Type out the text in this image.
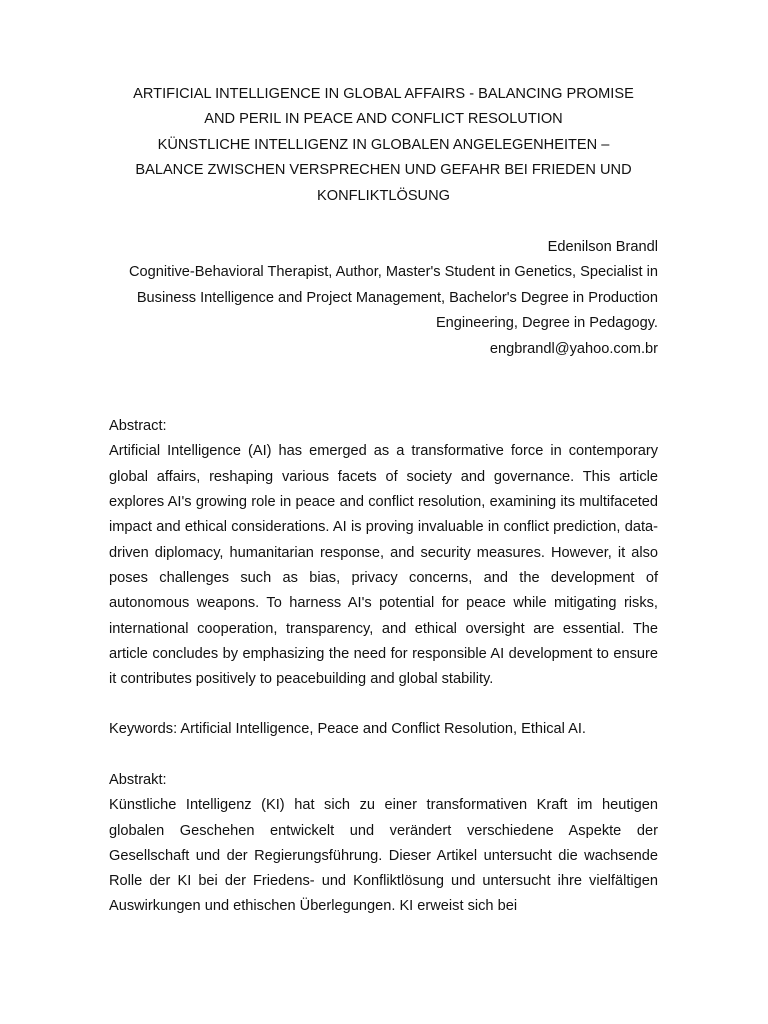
ARTIFICIAL INTELLIGENCE IN GLOBAL AFFAIRS - BALANCING PROMISE
AND PERIL IN PEACE AND CONFLICT RESOLUTION
KÜNSTLICHE INTELLIGENZ IN GLOBALEN ANGELEGENHEITEN –
BALANCE ZWISCHEN VERSPRECHEN UND GEFAHR BEI FRIEDEN UND
KONFLIKTLÖSUNG
Edenilson Brandl
Cognitive-Behavioral Therapist, Author, Master's Student in Genetics, Specialist in Business Intelligence and Project Management, Bachelor's Degree in Production Engineering, Degree in Pedagogy.
engbrandl@yahoo.com.br
Abstract:

Artificial Intelligence (AI) has emerged as a transformative force in contemporary global affairs, reshaping various facets of society and governance. This article explores AI's growing role in peace and conflict resolution, examining its multifaceted impact and ethical considerations. AI is proving invaluable in conflict prediction, data-driven diplomacy, humanitarian response, and security measures. However, it also poses challenges such as bias, privacy concerns, and the development of autonomous weapons. To harness AI's potential for peace while mitigating risks, international cooperation, transparency, and ethical oversight are essential. The article concludes by emphasizing the need for responsible AI development to ensure it contributes positively to peacebuilding and global stability.

Keywords: Artificial Intelligence, Peace and Conflict Resolution, Ethical AI.
Abstrakt:

Künstliche Intelligenz (KI) hat sich zu einer transformativen Kraft im heutigen globalen Geschehen entwickelt und verändert verschiedene Aspekte der Gesellschaft und der Regierungsführung. Dieser Artikel untersucht die wachsende Rolle der KI bei der Friedens- und Konfliktlösung und untersucht ihre vielfältigen Auswirkungen und ethischen Überlegungen. KI erweist sich bei
